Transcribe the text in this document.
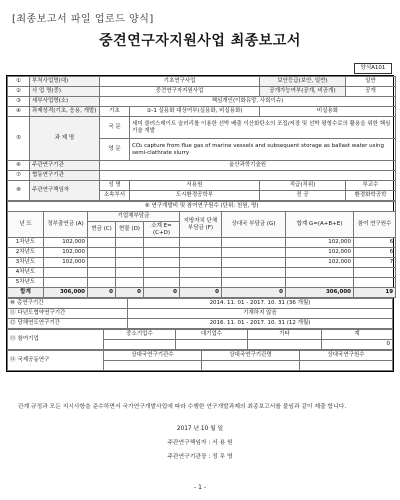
[최종보고서 파일 업로드 양식]
중견연구자지원사업 최종보고서
양식A101
①	부처사업명(대)	기초연구사업		보안등급(보안, 일반)	일반
②	사 업 명(중)	중견연구자지원사업		공개가능여부(공개, 비공개)	공개
③	세부사업명(소)	핵심개인(이화유망, 사회이슈)			
④	과제성격(기초, 응용, 개발)	기초	①-1 실용화 대상여부(실용화, 비실용화)	비실용화	
⑤	과 제 명	국 문	세미 클러스레이트 슬러리를 이용한 선박 배출 이산화탄소의 포집/저장 및 선박 평형수로의 활용을 위한 핵심 기술 개발		
		영 문	CO₂ capture from flue gas of marine vessels and subsequent storage as ballast water using semi-clathrate slurry		
⑥	주관연구기관	울산과학기술원			
⑦	협동연구기관				
⑧	주관연구책임자	성 명	서용원	직급(직위)	부교수
		소속부서	도시환경공학부	전 공	환경화학공학
⑨ 연구개발비 및 참여연구원수 (단위: 천원, 명)								
년 도	정부출연금 (A)	기업체부담금			지방자치 단체부담금 (F)	상대국 부담금 (G)	합계 G=(A+B+E)	참여 연구원수
		현금 (C)	현물 (D)	소계 E=(C+D)				
1차년도	102,000						102,000	6
2차년도	102,000						102,000	6
3차년도	102,000						102,000	7
4차년도								
5차년도								
합계	306,000	0	0	0	0	0	306,000	19
⑩ 총연구기간	2014. 11. 01 - 2017. 10. 31 (36 개월)
⑪ 다년도협약연구기간	기재하지 않음
⑫ 당해연도연구기간	2016. 11. 01 - 2017. 10. 31 (12 개월)
⑬ 참여기업	중소기업수	대기업수	기타	계
				0
⑭ 국제공동연구	상대국연구기관수	상대국연구기관명	상대국연구원수

관계 규정과 모든 지시사항을 준수하면서 국가연구개발사업에 따라 수행한 연구개발과제의 최종보고서를 붙임과 같이 제출 합니다.
2017 년 10 월 일
주관연구책임자 : 서 용 원
주관연구기관장 : 정 무 영
- 1 -
